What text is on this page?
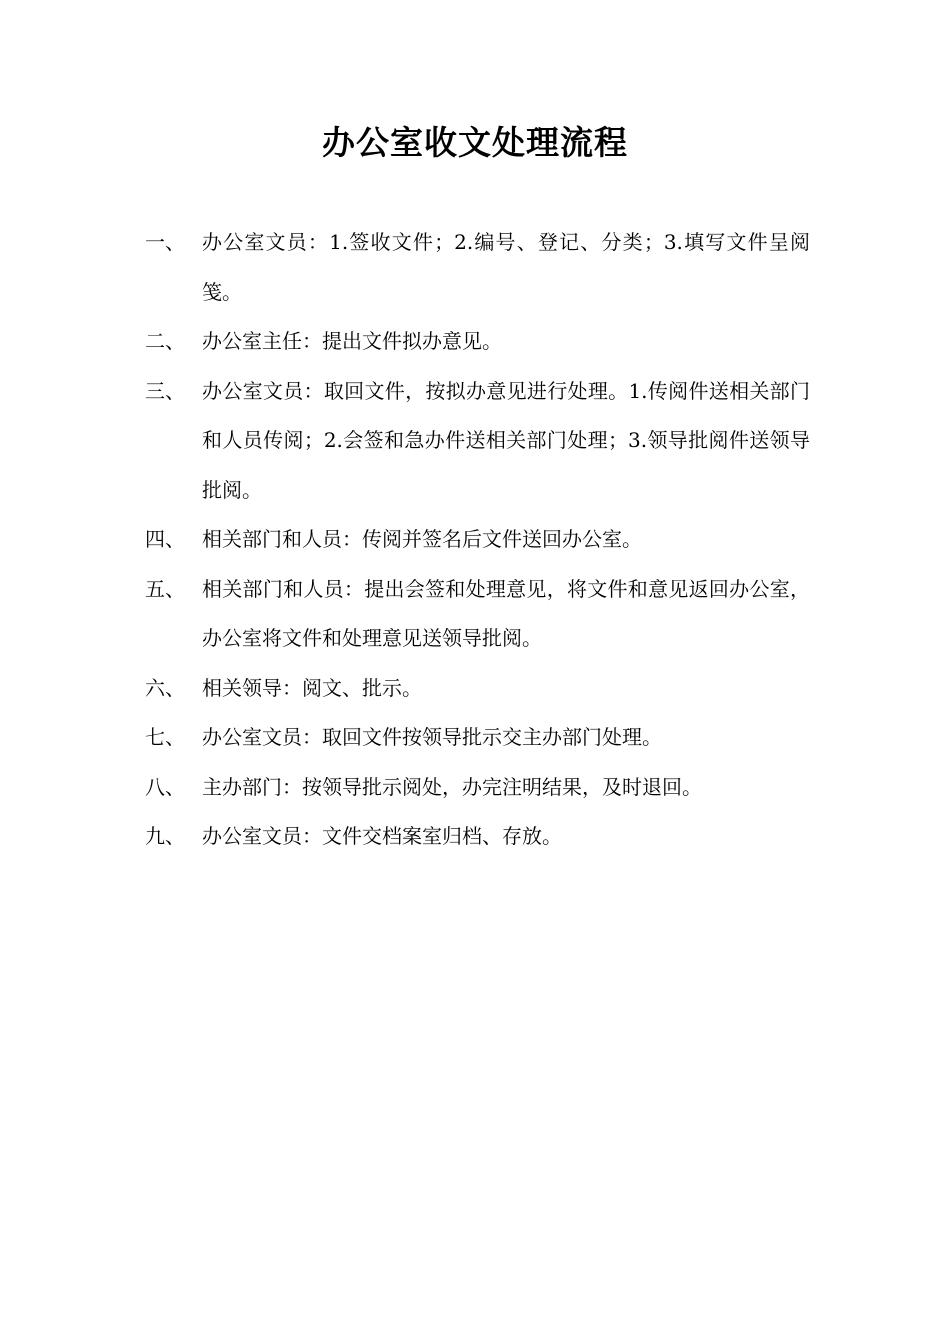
办公室收文处理流程
一、 办公室文员：1.签收文件；2.编号、登记、分类；3.填写文件呈阅笺。
二、 办公室主任：提出文件拟办意见。
三、 办公室文员：取回文件，按拟办意见进行处理。1.传阅件送相关部门和人员传阅；2.会签和急办件送相关部门处理；3.领导批阅件送领导批阅。
四、 相关部门和人员：传阅并签名后文件送回办公室。
五、 相关部门和人员：提出会签和处理意见，将文件和意见返回办公室，办公室将文件和处理意见送领导批阅。
六、 相关领导：阅文、批示。
七、 办公室文员：取回文件按领导批示交主办部门处理。
八、 主办部门：按领导批示阅处，办完注明结果，及时退回。
九、 办公室文员：文件交档案室归档、存放。
